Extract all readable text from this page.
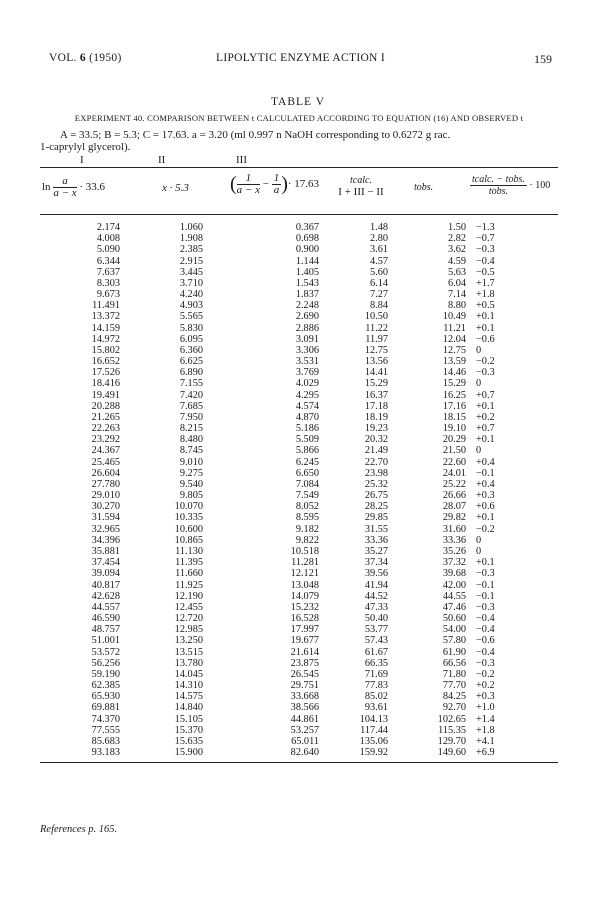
VOL. 6 (1950)	LIPOLYTIC ENZYME ACTION I	159
TABLE V
EXPERIMENT 40. COMPARISON BETWEEN t CALCULATED ACCORDING TO EQUATION (16) AND OBSERVED t
A = 33.5; B = 5.3; C = 17.63. a = 3.20 (ml 0.997 n NaOH corresponding to 0.6272 g rac.
1-caprylyl glycerol).
I	II	III
$\ln \frac{a}{a - x} \cdot 33.6$	x · 5.3 ( $\frac{1}{a - x} - \frac{1}{a}$ )· 17.63	tcalc.
I + III − II	tobs.	$\frac{\text{tcalc. − tobs.}}{\text{tobs.}} \cdot 100$
2.174	1.060	0.367	1.48	1.50 −1.3
4.008	1.908	0.698	2.80	2.82 −0.7
5.090	2.385	0.900	3.61	3.62 −0.3
6.344	2.915	1.144	4.57	4.59 −0.4
7.637	3.445	1.405	5.60	5.63 −0.5
8.303	3.710	1.543	6.14	6.04 +1.7
9.673	4.240	1.837	7.27	7.14 +1.8
11.491	4.903	2.248	8.84	8.80 +0.5
13.372	5.565	2.690	10.50	10.49 +0.1
14.159	5.830	2.886	11.22	11.21 +0.1
14.972	6.095	3.091	11.97	12.04 −0.6
15.802	6.360	3.306	12.75	12.75 0
16.652	6.625	3.531	13.56	13.59 −0.2
17.526	6.890	3.769	14.41	14.46 −0.3
18.416	7.155	4.029	15.29	15.29 0
19.491	7.420	4.295	16.37	16.25 +0.7
20.288	7.685	4.574	17.18	17.16 +0.1
21.265	7.950	4.870	18.19	18.15 +0.2
22.263	8.215	5.186	19.23	19.10 +0.7
23.292	8.480	5.509	20.32	20.29 +0.1
24.367	8.745	5.866	21.49	21.50 0
25.465	9.010	6.245	22.70	22.60 +0.4
26.604	9.275	6.650	23.98	24.01 −0.1
27.780	9.540	7.084	25.32	25.22 +0.4
29.010	9.805	7.549	26.75	26.66 +0.3
30.270	10.070	8.052	28.25	28.07 +0.6
31.594	10.335	8.595	29.85	29.82 +0.1
32.965	10.600	9.182	31.55	31.60 −0.2
34.396	10.865	9.822	33.36	33.36 0
35.881	11.130	10.518	35.27	35.26 0
37.454	11.395	11.281	37.34	37.32 +0.1
39.094	11.660	12.121	39.56	39.68 −0.3
40.817	11.925	13.048	41.94	42.00 −0.1
42.628	12.190	14.079	44.52	44.55 −0.1
44.557	12.455	15.232	47.33	47.46 −0.3
46.590	12.720	16.528	50.40	50.60 −0.4
48.757	12.985	17.997	53.77	54.00 −0.4
51.001	13.250	19.677	57.43	57.80 −0.6
53.572	13.515	21.614	61.67	61.90 −0.4
56.256	13.780	23.875	66.35	66.56 −0.3
59.190	14.045	26.545	71.69	71.80 −0.2
62.385	14.310	29.751	77.83	77.70 +0.2
65.930	14.575	33.668	85.02	84.25 +0.3
69.881	14.840	38.566	93.61	92.70 +1.0
74.370	15.105	44.861	104.13	102.65 +1.4
77.555	15.370	53.257	117.44	115.35 +1.8
85.683	15.635	65.011	135.06	129.70 +4.1
93.183	15.900	82.640	159.92	149.60 +6.9
References p. 165.
